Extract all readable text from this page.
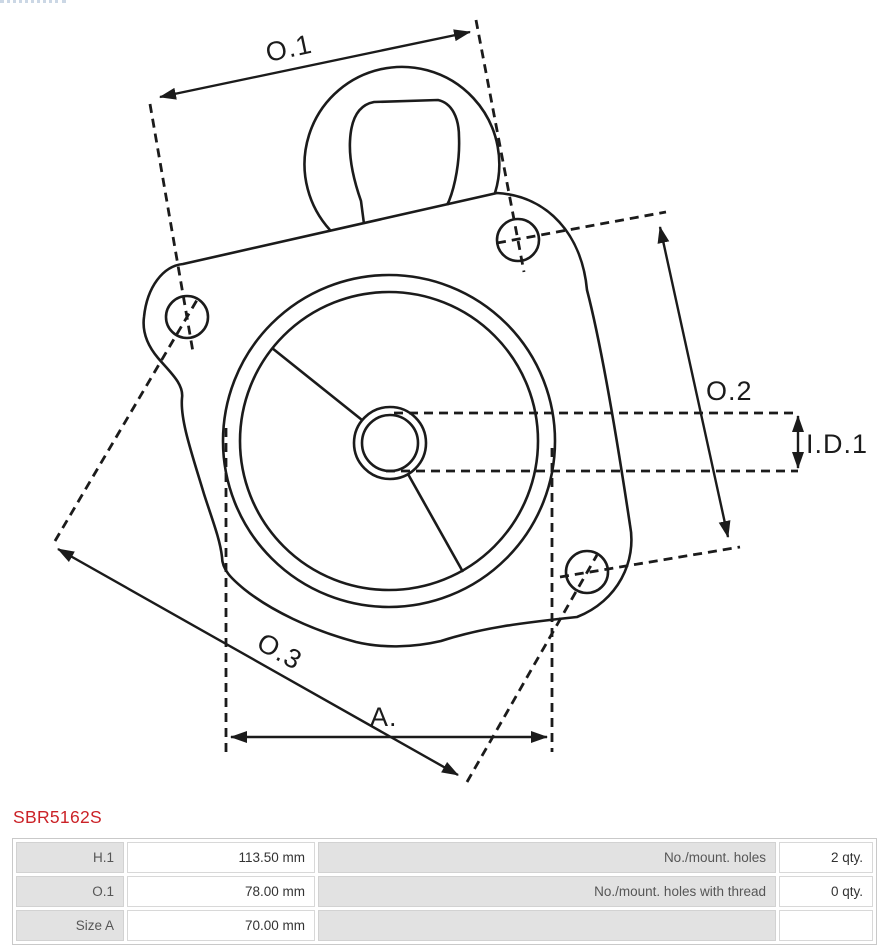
O.1
O.2
O.3
A.
I.D.1
SBR5162S
H.1	113.50 mm	No./mount. holes	2 qty.
O.1	78.00 mm	No./mount. holes with thread	0 qty.
Size A	70.00 mm		
